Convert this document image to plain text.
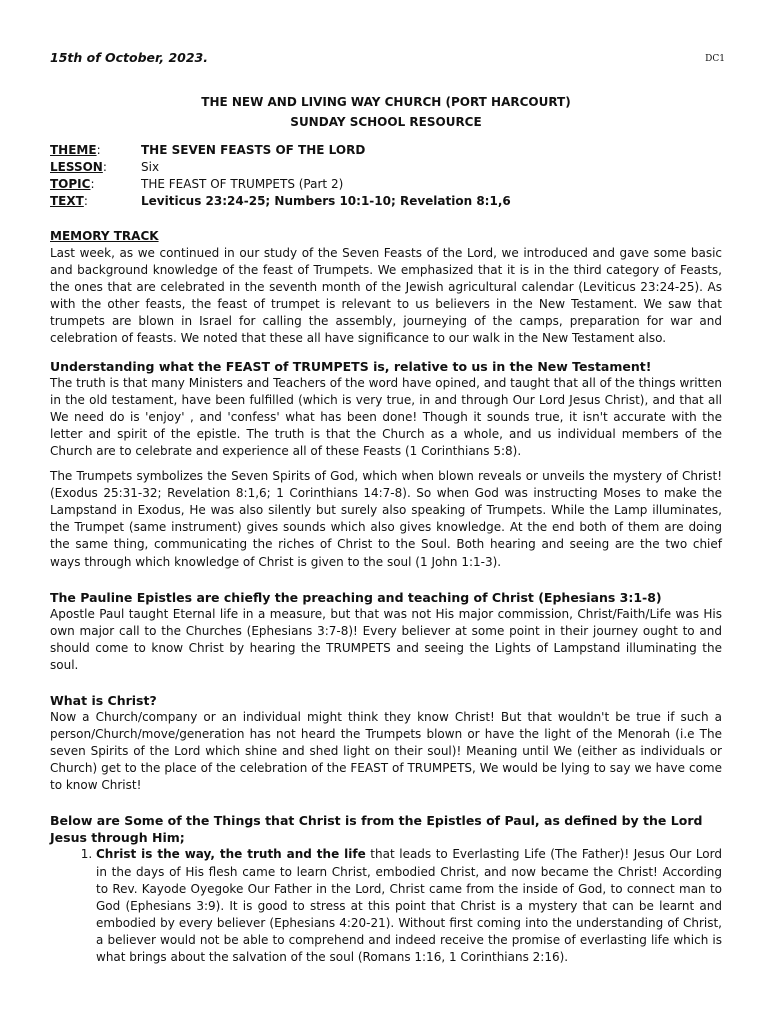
15th of October, 2023.	DC1
THE NEW AND LIVING WAY CHURCH (PORT HARCOURT)
SUNDAY SCHOOL RESOURCE
THEME:	THE SEVEN FEASTS OF THE LORD
LESSON:	Six
TOPIC:	THE FEAST OF TRUMPETS (Part 2)
TEXT:	Leviticus 23:24-25; Numbers 10:1-10; Revelation 8:1,6
MEMORY TRACK

Last week, as we continued in our study of the Seven Feasts of the Lord, we introduced and gave some basic and background knowledge of the feast of Trumpets. We emphasized that it is in the third category of Feasts, the ones that are celebrated in the seventh month of the Jewish agricultural calendar (Leviticus 23:24-25). As with the other feasts, the feast of trumpet is relevant to us believers in the New Testament. We saw that trumpets are blown in Israel for calling the assembly, journeying of the camps, preparation for war and celebration of feasts. We noted that these all have significance to our walk in the New Testament also.

Understanding what the FEAST of TRUMPETS is, relative to us in the New Testament!

The truth is that many Ministers and Teachers of the word have opined, and taught that all of the things written in the old testament, have been fulfilled (which is very true, in and through Our Lord Jesus Christ), and that all We need do is 'enjoy' , and 'confess' what has been done! Though it sounds true, it isn't accurate with the letter and spirit of the epistle. The truth is that the Church as a whole, and us individual members of the Church are to celebrate and experience all of these Feasts (1 Corinthians 5:8).

The Trumpets symbolizes the Seven Spirits of God, which when blown reveals or unveils the mystery of Christ! (Exodus 25:31-32; Revelation 8:1,6; 1 Corinthians 14:7-8). So when God was instructing Moses to make the Lampstand in Exodus, He was also silently but surely also speaking of Trumpets. While the Lamp illuminates, the Trumpet (same instrument) gives sounds which also gives knowledge. At the end both of them are doing the same thing, communicating the riches of Christ to the Soul. Both hearing and seeing are the two chief ways through which knowledge of Christ is given to the soul (1 John 1:1-3).

The Pauline Epistles are chiefly the preaching and teaching of Christ (Ephesians 3:1-8)

Apostle Paul taught Eternal life in a measure, but that was not His major commission, Christ/Faith/Life was His own major call to the Churches (Ephesians 3:7-8)! Every believer at some point in their journey ought to and should come to know Christ by hearing the TRUMPETS and seeing the Lights of Lampstand illuminating the soul.

What is Christ?

Now a Church/company or an individual might think they know Christ! But that wouldn't be true if such a person/Church/move/generation has not heard the Trumpets blown or have the light of the Menorah (i.e The seven Spirits of the Lord which shine and shed light on their soul)! Meaning until We (either as individuals or Church) get to the place of the celebration of the FEAST of TRUMPETS, We would be lying to say we have come to know Christ!

Below are Some of the Things that Christ is from the Epistles of Paul, as defined by the Lord Jesus through Him;
1. Christ is the way, the truth and the life that leads to Everlasting Life (The Father)! Jesus Our Lord in the days of His flesh came to learn Christ, embodied Christ, and now became the Christ! According to Rev. Kayode Oyegoke Our Father in the Lord, Christ came from the inside of God, to connect man to God (Ephesians 3:9). It is good to stress at this point that Christ is a mystery that can be learnt and embodied by every believer (Ephesians 4:20-21). Without first coming into the understanding of Christ, a believer would not be able to comprehend and indeed receive the promise of everlasting life which is what brings about the salvation of the soul (Romans 1:16, 1 Corinthians 2:16).
